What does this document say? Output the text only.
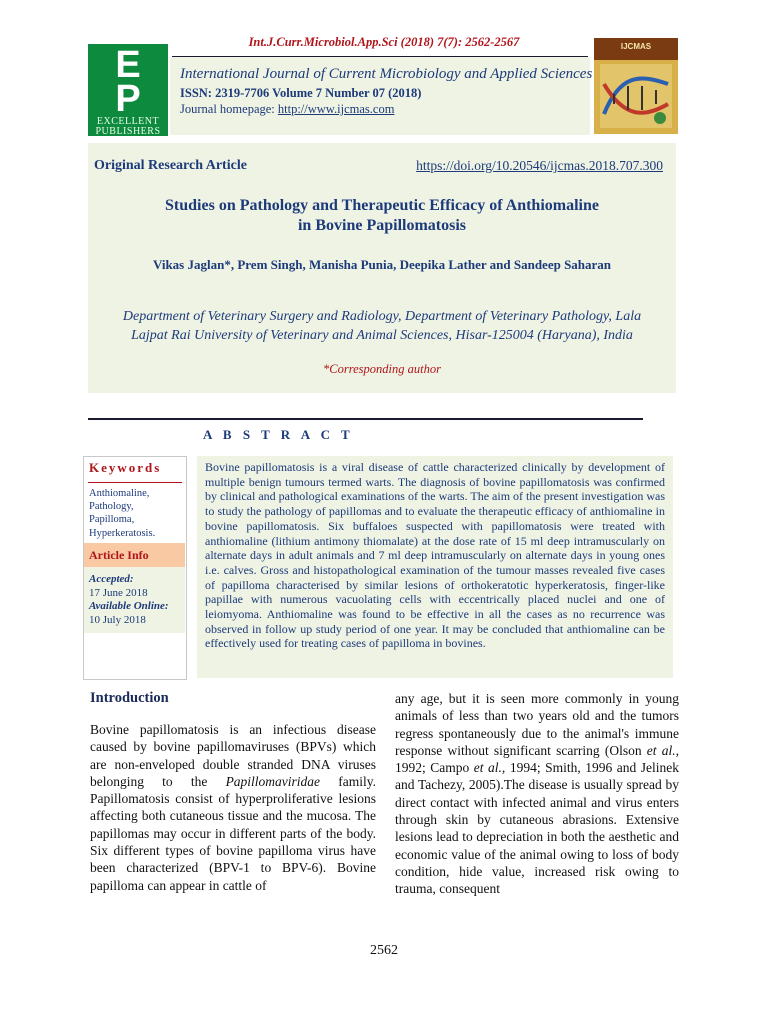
Int.J.Curr.Microbiol.App.Sci (2018) 7(7): 2562-2567
E
P
EXCELLENT
PUBLISHERS
International Journal of Current Microbiology and Applied Sciences
ISSN: 2319-7706 Volume 7 Number 07 (2018)
Journal homepage: http://www.ijcmas.com
IJCMAS
Original Research Article	https://doi.org/10.20546/ijcmas.2018.707.300
Studies on Pathology and Therapeutic Efficacy of Anthiomaline
in Bovine Papillomatosis
Vikas Jaglan*, Prem Singh, Manisha Punia, Deepika Lather and Sandeep Saharan
Department of Veterinary Surgery and Radiology, Department of Veterinary Pathology, Lala
Lajpat Rai University of Veterinary and Animal Sciences, Hisar-125004 (Haryana), India
*Corresponding author
A B S T R A C T
Keywords
Anthiomaline,
Pathology,
Papilloma,
Hyperkeratosis.
Article Info
Accepted:
17 June 2018
Available Online:
10 July 2018
Bovine papillomatosis is a viral disease of cattle characterized clinically by development of multiple benign tumours termed warts. The diagnosis of bovine papillomatosis was confirmed by clinical and pathological examinations of the warts. The aim of the present investigation was to study the pathology of papillomas and to evaluate the therapeutic efficacy of anthiomaline in bovine papillomatosis. Six buffaloes suspected with papillomatosis were treated with anthiomaline (lithium antimony thiomalate) at the dose rate of 15 ml deep intramuscularly on alternate days in adult animals and 7 ml deep intramuscularly on alternate days in young ones i.e. calves. Gross and histopathological examination of the tumour masses revealed five cases of papilloma characterised by similar lesions of orthokeratotic hyperkeratosis, finger-like papillae with numerous vacuolating cells with eccentrically placed nuclei and one of leiomyoma. Anthiomaline was found to be effective in all the cases as no recurrence was observed in follow up study period of one year. It may be concluded that anthiomaline can be effectively used for treating cases of papilloma in bovines.
Introduction

Bovine papillomatosis is an infectious disease caused by bovine papillomaviruses (BPVs) which are non-enveloped double stranded DNA viruses belonging to the Papillomaviridae family. Papillomatosis consist of hyperproliferative lesions affecting both cutaneous tissue and the mucosa. The papillomas may occur in different parts of the body. Six different types of bovine papilloma virus have been characterized (BPV-1 to BPV-6). Bovine papilloma can appear in cattle of

any age, but it is seen more commonly in young animals of less than two years old and the tumors regress spontaneously due to the animal's immune response without significant scarring (Olson et al., 1992; Campo et al., 1994; Smith, 1996 and Jelinek and Tachezy, 2005).The disease is usually spread by direct contact with infected animal and virus enters through skin by cutaneous abrasions. Extensive lesions lead to depreciation in both the aesthetic and economic value of the animal owing to loss of body condition, hide value, increased risk owing to trauma, consequent

2562
